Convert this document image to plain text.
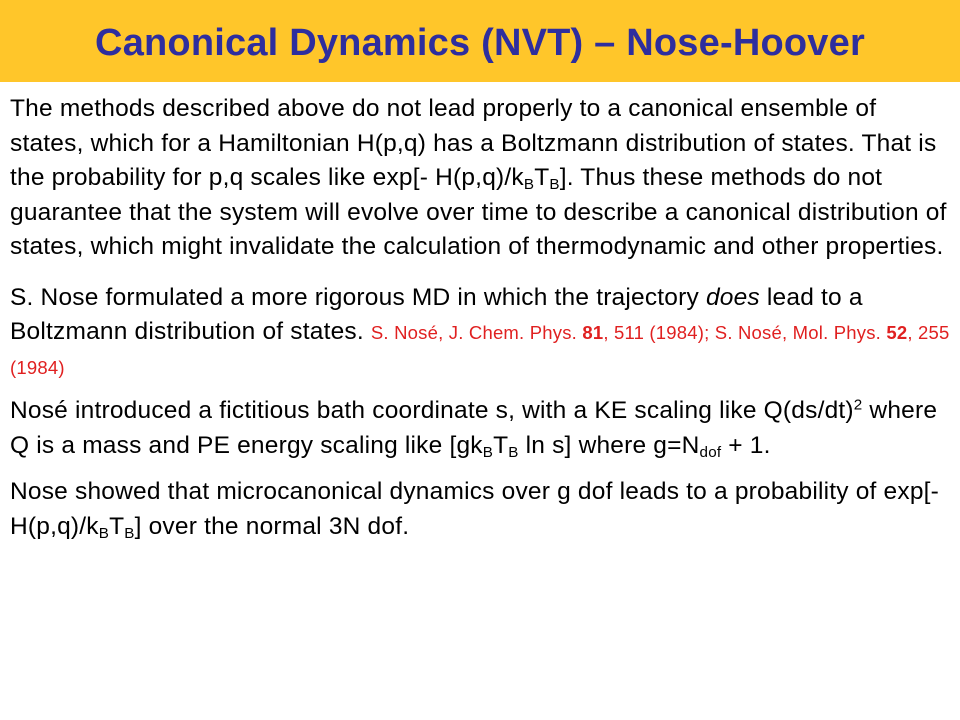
Canonical Dynamics (NVT) – Nose-Hoover

The methods described above do not lead properly to a canonical ensemble of states, which for a Hamiltonian H(p,q) has a Boltzmann distribution of states. That is the probability for p,q scales like exp[- $H(p,q)/k_BT_B$]. Thus these methods do not guarantee that the system will evolve over time to describe a canonical distribution of states, which might invalidate the calculation of thermodynamic and other properties.

S. Nose formulated a more rigorous MD in which the trajectory does lead to a Boltzmann distribution of states. S. Nosé, J. Chem. Phys. 81, 511 (1984); S. Nosé, Mol. Phys. 52, 255 (1984)

Nosé introduced a fictitious bath coordinate s, with a KE scaling like $Q(ds/dt)^2$ where Q is a mass and PE energy scaling like [$gk_BT_B$ ln s] where $g=N_{dof} + 1$.

Nose showed that microcanonical dynamics over g dof leads to a probability of exp[- $H(p,q)/k_BT_B$] over the normal 3N dof.
